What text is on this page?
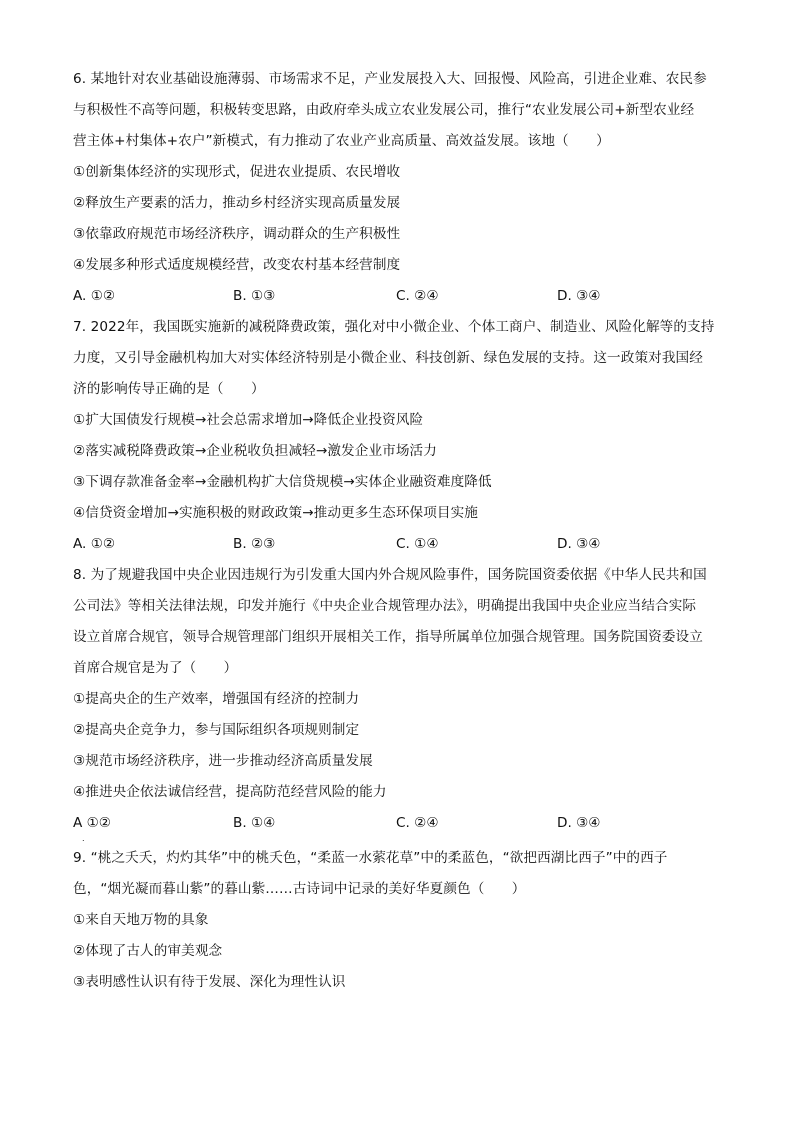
6. 某地针对农业基础设施薄弱、市场需求不足，产业发展投入大、回报慢、风险高，引进企业难、农民参
与积极性不高等问题，积极转变思路，由政府牵头成立农业发展公司，推行“农业发展公司+新型农业经
营主体+村集体+农户”新模式，有力推动了农业产业高质量、高效益发展。该地（　　）
①创新集体经济的实现形式，促进农业提质、农民增收
②释放生产要素的活力，推动乡村经济实现高质量发展
③依靠政府规范市场经济秩序，调动群众的生产积极性
④发展多种形式适度规模经营，改变农村基本经营制度
A. ①②	B. ①③	C. ②④	D. ③④
7. 2022年，我国既实施新的减税降费政策，强化对中小微企业、个体工商户、制造业、风险化解等的支持
力度，又引导金融机构加大对实体经济特别是小微企业、科技创新、绿色发展的支持。这一政策对我国经
济的影响传导正确的是（　　）
①扩大国债发行规模→社会总需求增加→降低企业投资风险
②落实减税降费政策→企业税收负担减轻→激发企业市场活力
③下调存款准备金率→金融机构扩大信贷规模→实体企业融资难度降低
④信贷资金增加→实施积极的财政政策→推动更多生态环保项目实施
A. ①②	B. ②③	C. ①④	D. ③④
8. 为了规避我国中央企业因违规行为引发重大国内外合规风险事件，国务院国资委依据《中华人民共和国
公司法》等相关法律法规，印发并施行《中央企业合规管理办法》，明确提出我国中央企业应当结合实际
设立首席合规官，领导合规管理部门组织开展相关工作，指导所属单位加强合规管理。国务院国资委设立
首席合规官是为了（　　）
①提高央企的生产效率，增强国有经济的控制力
②提高央企竞争力，参与国际组织各项规则制定
③规范市场经济秩序，进一步推动经济高质量发展
④推进央企依法诚信经营，提高防范经营风险的能力
A ①②	B. ①④	C. ②④	D. ③④
.
9. “桃之夭夭，灼灼其华”中的桃夭色，“柔蓝一水萦花草”中的柔蓝色，“欲把西湖比西子”中的西子
色，“烟光凝而暮山紫”的暮山紫……古诗词中记录的美好华夏颜色（　　）
①来自天地万物的具象
②体现了古人的审美观念
③表明感性认识有待于发展、深化为理性认识
